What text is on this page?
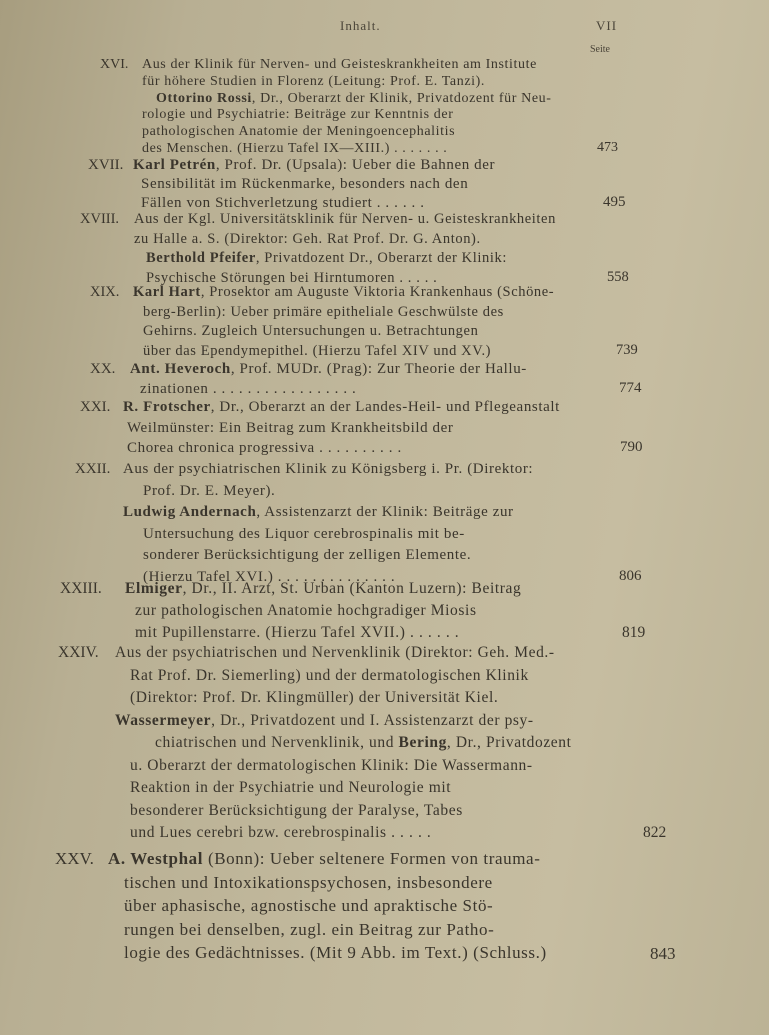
Inhalt.	VII
Seite
XVI. Aus der Klinik für Nerven- und Geisteskrankheiten am Institute
für höhere Studien in Florenz (Leitung: Prof. E. Tanzi).
Ottorino Rossi, Dr., Oberarzt der Klinik, Privatdozent für Neu-
rologie und Psychiatrie: Beiträge zur Kenntnis der
pathologischen Anatomie der Meningoencephalitis
des Menschen. (Hierzu Tafel IX—XIII.) . . . . . . .	473
XVII. Karl Petrén, Prof. Dr. (Upsala): Ueber die Bahnen der
Sensibilität im Rückenmarke, besonders nach den
Fällen von Stichverletzung studiert . . . . . .	495
XVIII. Aus der Kgl. Universitätsklinik für Nerven- u. Geisteskrankheiten
zu Halle a. S. (Direktor: Geh. Rat Prof. Dr. G. Anton).
Berthold Pfeifer, Privatdozent Dr., Oberarzt der Klinik:
Psychische Störungen bei Hirntumoren . . . . .	558
XIX. Karl Hart, Prosektor am Auguste Viktoria Krankenhaus (Schöne-
berg-Berlin): Ueber primäre epitheliale Geschwülste des
Gehirns. Zugleich Untersuchungen u. Betrachtungen
über das Ependymepithel. (Hierzu Tafel XIV und XV.)	739
XX. Ant. Heveroch, Prof. MUDr. (Prag): Zur Theorie der Hallu-
zinationen . . . . . . . . . . . . . . . . .	774
XXI. R. Frotscher, Dr., Oberarzt an der Landes-Heil- und Pflegeanstalt
Weilmünster: Ein Beitrag zum Krankheitsbild der
Chorea chronica progressiva . . . . . . . . . .	790
XXII. Aus der psychiatrischen Klinik zu Königsberg i. Pr. (Direktor:
Prof. Dr. E. Meyer).
Ludwig Andernach, Assistenzarzt der Klinik: Beiträge zur
Untersuchung des Liquor cerebrospinalis mit be-
sonderer Berücksichtigung der zelligen Elemente.
(Hierzu Tafel XVI.) . . . . . . . . . . . . . .	806
XXIII. Elmiger, Dr., II. Arzt, St. Urban (Kanton Luzern): Beitrag
zur pathologischen Anatomie hochgradiger Miosis
mit Pupillenstarre. (Hierzu Tafel XVII.) . . . . . .	819
XXIV. Aus der psychiatrischen und Nervenklinik (Direktor: Geh. Med.-
Rat Prof. Dr. Siemerling) und der dermatologischen Klinik
(Direktor: Prof. Dr. Klingmüller) der Universität Kiel.
Wassermeyer, Dr., Privatdozent und I. Assistenzarzt der psy-
chiatrischen und Nervenklinik, und Bering, Dr., Privatdozent
u. Oberarzt der dermatologischen Klinik: Die Wassermann-
Reaktion in der Psychiatrie und Neurologie mit
besonderer Berücksichtigung der Paralyse, Tabes
und Lues cerebri bzw. cerebrospinalis . . . . .	822
XXV. A. Westphal (Bonn): Ueber seltenere Formen von trauma-
tischen und Intoxikationspsychosen, insbesondere
über aphasische, agnostische und apraktische Stö-
rungen bei denselben, zugl. ein Beitrag zur Patho-
logie des Gedächtnisses. (Mit 9 Abb. im Text.) (Schluss.)	843
